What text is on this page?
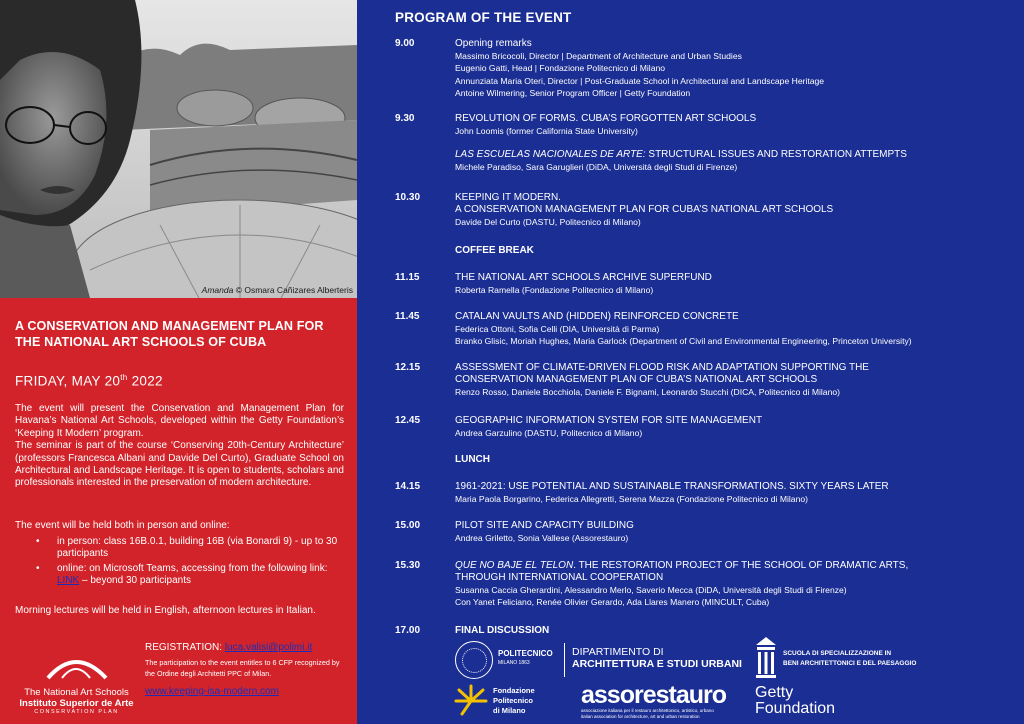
Amanda © Osmara Cañizares Alberteris
A CONSERVATION AND MANAGEMENT PLAN FOR THE NATIONAL ART SCHOOLS OF CUBA
FRIDAY, MAY 20th 2022

The event will present the Conservation and Management Plan for Havana’s National Art Schools, developed within the Getty Foundation’s ‘Keeping It Modern’ program.

The seminar is part of the course ‘Conserving 20th-Century Architecture’ (professors Francesca Albani and Davide Del Curto), Graduate School on Architectural and Landscape Heritage. It is open to students, scholars and professionals interested in the preservation of modern architecture.

The event will be held both in person and online:

• in person: class 16B.0.1, building 16B (via Bonardi 9) - up to 30 participants
• online: on Microsoft Teams, accessing from the following link: LINK – beyond 30 participants
Morning lectures will be held in English, afternoon lectures in Italian.
The National Art Schools
Instituto Superior de Arte
CONSERVATION PLAN
REGISTRATION: luca.valisi@polimi.it
The participation to the event entitles to 6 CFP recognized by the Ordine degli Architetti PPC of Milan.
www.keeping-isa-modern.com
PROGRAM OF THE EVENT
9.00	Opening remarks
Massimo Bricocoli, Director | Department of Architecture and Urban Studies
Eugenio Gatti, Head | Fondazione Politecnico di Milano
Annunziata Maria Oteri, Director | Post-Graduate School in Architectural and Landscape Heritage
Antoine Wilmering, Senior Program Officer | Getty Foundation
9.30	REVOLUTION OF FORMS. CUBA’S FORGOTTEN ART SCHOOLS
John Loomis (former California State University)
LAS ESCUELAS NACIONALES DE ARTE: STRUCTURAL ISSUES AND RESTORATION ATTEMPTS
Michele Paradiso, Sara Garuglieri (DiDA, Università degli Studi di Firenze)
10.30	KEEPING IT MODERN.
A CONSERVATION MANAGEMENT PLAN FOR CUBA’S NATIONAL ART SCHOOLS
Davide Del Curto (DASTU, Politecnico di Milano)
COFFEE BREAK
11.15	THE NATIONAL ART SCHOOLS ARCHIVE SUPERFUND
Roberta Ramella (Fondazione Politecnico di Milano)
11.45	CATALAN VAULTS AND (HIDDEN) REINFORCED CONCRETE
Federica Ottoni, Sofia Celli (DIA, Università di Parma)
Branko Glisic, Moriah Hughes, Maria Garlock (Department of Civil and Environmental Engineering, Princeton University)
12.15	ASSESSMENT OF CLIMATE-DRIVEN FLOOD RISK AND ADAPTATION SUPPORTING THE
CONSERVATION MANAGEMENT PLAN OF CUBA’S NATIONAL ART SCHOOLS
Renzo Rosso, Daniele Bocchiola, Daniele F. Bignami, Leonardo Stucchi (DICA, Politecnico di Milano)
12.45	GEOGRAPHIC INFORMATION SYSTEM FOR SITE MANAGEMENT
Andrea Garzulino (DASTU, Politecnico di Milano)
LUNCH
14.15	1961-2021: USE POTENTIAL AND SUSTAINABLE TRANSFORMATIONS. SIXTY YEARS LATER
Maria Paola Borgarino, Federica Allegretti, Serena Mazza (Fondazione Politecnico di Milano)
15.00	PILOT SITE AND CAPACITY BUILDING
Andrea Griletto, Sonia Vallese (Assorestauro)
15.30	QUE NO BAJE EL TELON. THE RESTORATION PROJECT OF THE SCHOOL OF DRAMATIC ARTS,
THROUGH INTERNATIONAL COOPERATION
Susanna Caccia Gherardini, Alessandro Merlo, Saverio Mecca (DiDA, Università degli Studi di Firenze)
Con Yanet Feliciano, Renée Olivier Gerardo, Ada Llares Manero (MINCULT, Cuba)
17.00	FINAL DISCUSSION
POLITECNICO
MILANO 1863
DIPARTIMENTO DI
ARCHITETTURA E STUDI URBANI
SCUOLA DI SPECIALIZZAZIONE IN
BENI ARCHITETTONICI E DEL PAESAGGIO
Fondazione
Politecnico
di Milano
assorestauro
associazione italiana per il restauro architettonico, artistico, urbano
italian association for architecture, art and urban restoration
Getty
Foundation
